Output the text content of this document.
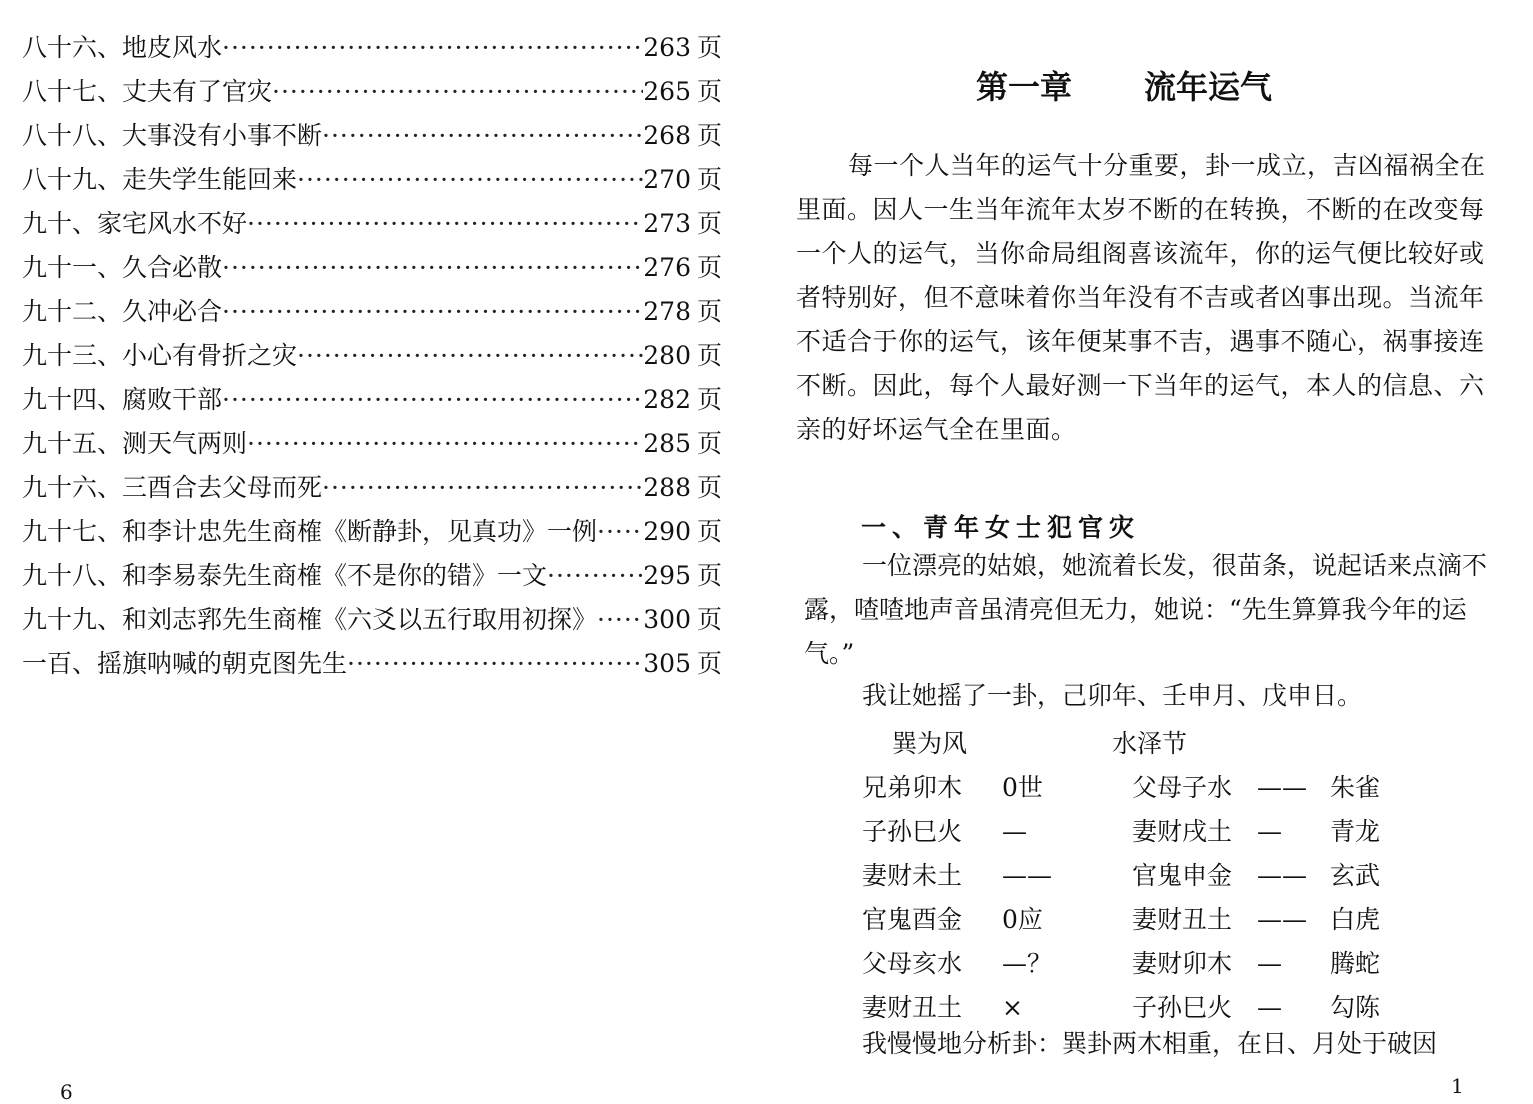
八十六、地皮风水 ·····	263 页
八十七、丈夫有了官灾 ·····	265 页
八十八、大事没有小事不断 ·····	268 页
八十九、走失学生能回来 ·····	270 页
九十、家宅风水不好 ·····	273 页
九十一、久合必散 ·····	276 页
九十二、久冲必合 ·····	278 页
九十三、小心有骨折之灾 ·····	280 页
九十四、腐败干部 ·····	282 页
九十五、测天气两则 ·····	285 页
九十六、三酉合去父母而死 ·····	288 页
九十七、和李计忠先生商榷《断静卦，见真功》一例 ····· 290 页
九十八、和李易泰先生商榷《不是你的错》一文 ·····	295 页
九十九、和刘志郛先生商榷《六爻以五行取用初探》 ····· 300 页
一百、摇旗呐喊的朝克图先生 ·····	305 页
6
第一章 流年运气

每一个人当年的运气十分重要，卦一成立，吉凶福祸全在里面。因人一生当年流年太岁不断的在转换，不断的在改变每一个人的运气，当你命局组阁喜该流年，你的运气便比较好或者特别好，但不意味着你当年没有不吉或者凶事出现。当流年不适合于你的运气，该年便某事不吉，遇事不随心，祸事接连不断。因此，每个人最好测一下当年的运气，本人的信息、六亲的好坏运气全在里面。

一、青年女士犯官灾

一位漂亮的姑娘，她流着长发，很苗条，说起话来点滴不露，喳喳地声音虽清亮但无力，她说：“先生算算我今年的运气。”

我让她摇了一卦，己卯年、壬申月、戊申日。
巽为风	水泽节
兄弟卯木 0世	父母子水 —— 朱雀
子孙巳火 —	妻财戌土 — 青龙
妻财未土 ——	官鬼申金 —— 玄武
官鬼酉金 0应	妻财丑土 —— 白虎
父母亥水 —？	妻财卯木 — 腾蛇
妻财丑土 ×	子孙巳火 — 勾陈
我慢慢地分析卦：巽卦两木相重，在日、月处于破因
1
